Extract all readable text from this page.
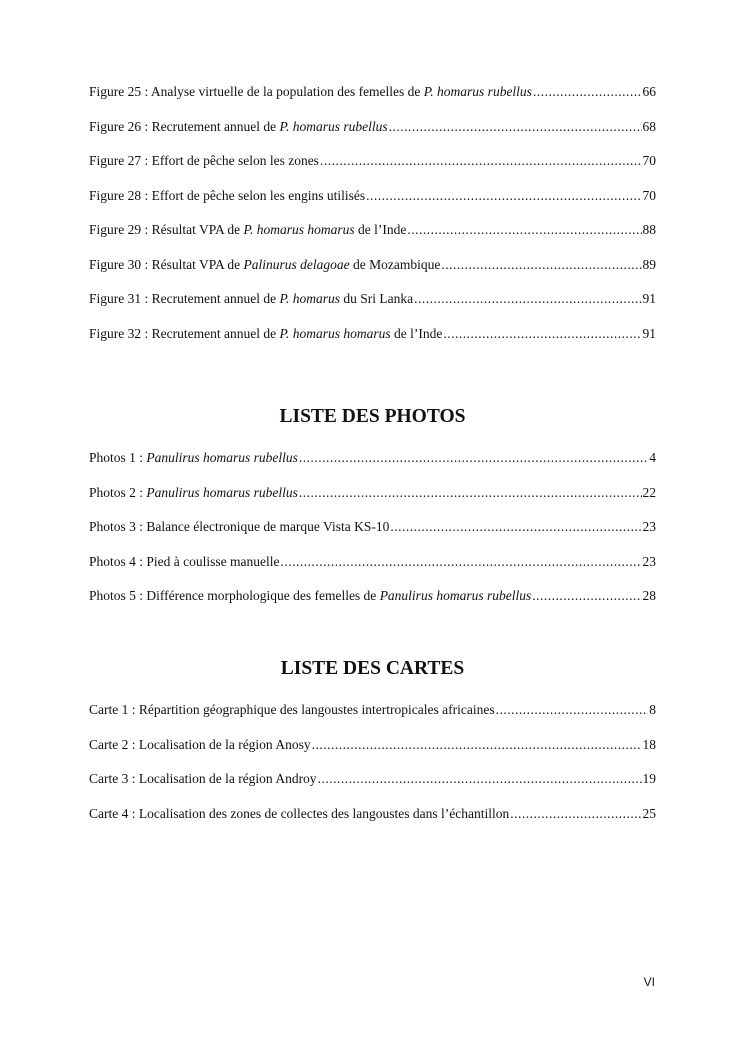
Figure 25 : Analyse virtuelle de la population des femelles de P. homarus rubellus .....	66
Figure 26 : Recrutement annuel de P. homarus rubellus .....	68
Figure 27 : Effort de pêche selon les zones .....	70
Figure 28 : Effort de pêche selon les engins utilisés .....	70
Figure 29 : Résultat VPA de P. homarus homarus de l’Inde .....	88
Figure 30 : Résultat VPA de Palinurus delagoae de Mozambique .....	89
Figure 31 : Recrutement annuel de P. homarus du Sri Lanka .....	91
Figure 32 : Recrutement annuel de P. homarus homarus de l’Inde .....	91
LISTE DES PHOTOS
Photos 1 : Panulirus homarus rubellus .....	4
Photos 2 : Panulirus homarus rubellus .....	22
Photos 3 : Balance électronique de marque Vista KS-10 .....	23
Photos 4 : Pied à coulisse manuelle .....	23
Photos 5 : Différence morphologique des femelles de Panulirus homarus rubellus .....	28
LISTE DES CARTES
Carte 1 : Répartition géographique des langoustes intertropicales africaines .....	8
Carte 2 : Localisation de la région Anosy .....	18
Carte 3 : Localisation de la région Androy .....	19
Carte 4 : Localisation des zones de collectes des langoustes dans l’échantillon .....	25
VI
